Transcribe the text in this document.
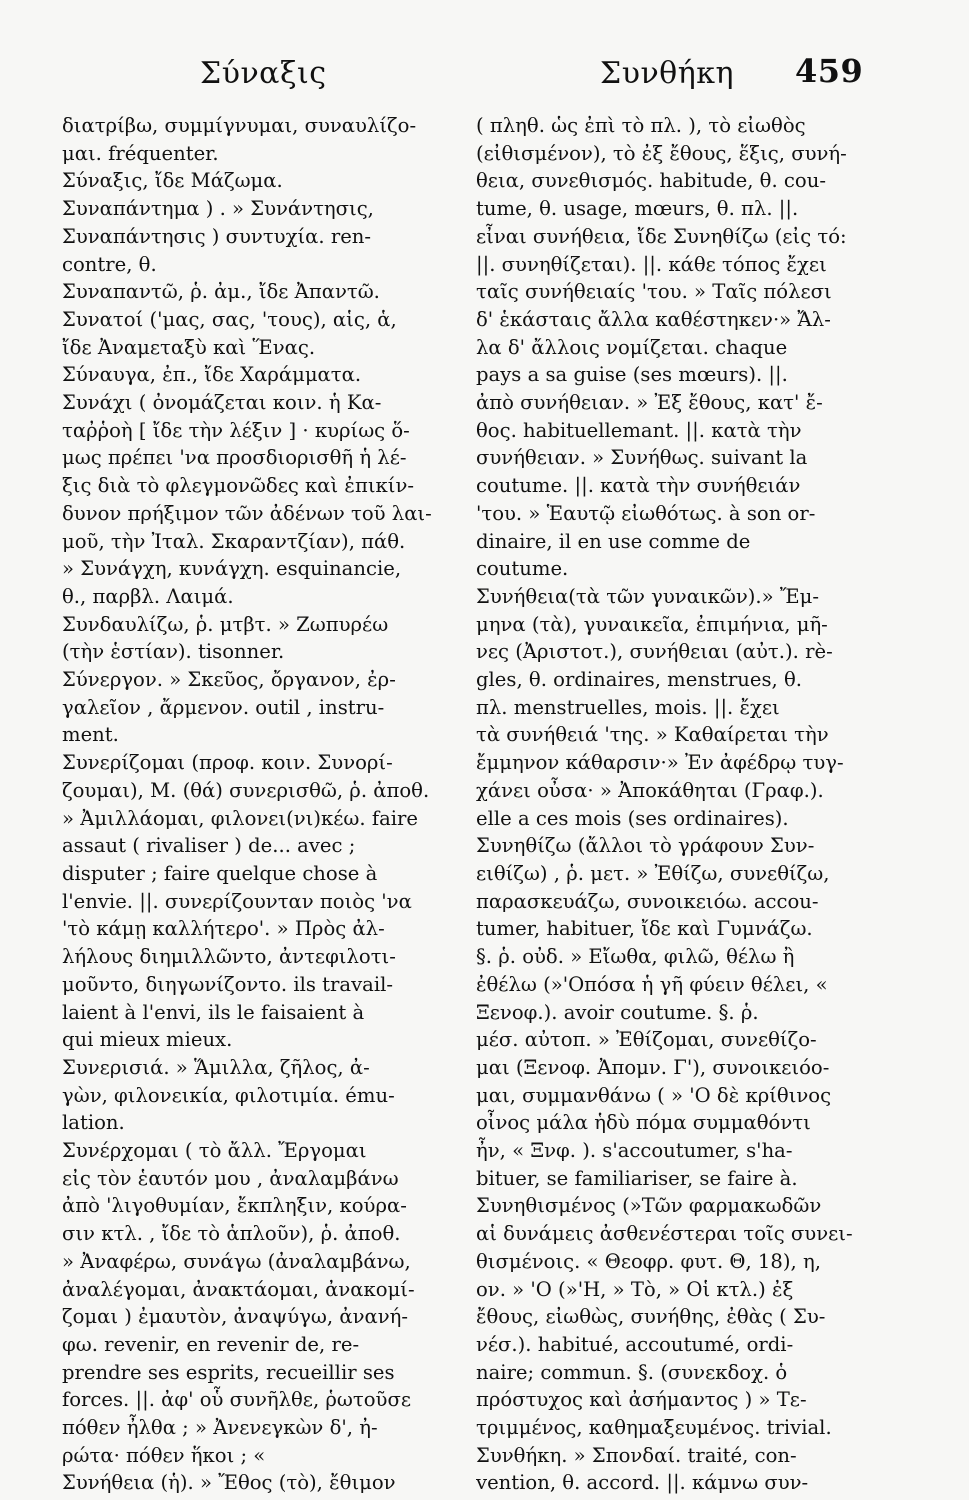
Σύναξις	Συνθήκη 459
διατρίβω, συμμίγνυμαι, συναυλίζο-
μαι. fréquenter.
Σύναξις, ἴδε Μάζωμα.
Συναπάντημα ) . » Συνάντησις,
Συναπάντησις ) συντυχία. ren-
contre, θ.
Συναπαντῶ, ῥ. ἀμ., ἴδε Ἀπαντῶ.
Συνατοί ('μας, σας, 'τους), αἱς, ἁ,
ἴδε Ἀναμεταξὺ καὶ Ἕνας.
Σύναυγα, ἐπ., ἴδε Χαράμματα.
Συνάχι ( ὀνομάζεται κοιν. ἡ Κα-
ταῤῥοὴ [ ἴδε τὴν λέξιν ] · κυρίως ὅ-
μως πρέπει 'να προσδιορισθῆ ἡ λέ-
ξις διὰ τὸ φλεγμονῶδες καὶ ἐπικίν-
δυνον πρήξιμον τῶν ἀδένων τοῦ λαι-
μοῦ, τὴν Ἰταλ. Σκαραντζίαν), πάθ.
» Συνάγχη, κυνάγχη. esquinancie,
θ., παρβλ. Λαιμά.
Συνδαυλίζω, ῥ. μτβτ. » Ζωπυρέω
(τὴν ἑστίαν). tisonner.
Σύνεργον. » Σκεῦος, ὄργανον, ἐρ-
γαλεῖον , ἄρμενον. outil , instru-
ment.
Συνερίζομαι (προφ. κοιν. Συνορί-
ζουμαι), Μ. (θά) συνερισθῶ, ῥ. ἀποθ.
» Ἀμιλλάομαι, φιλονει(νι)κέω. faire
assaut ( rivaliser ) de... avec ;
disputer ; faire quelque chose à
l'envie. ||. συνερίζουνταν ποιὸς 'να
'τὸ κάμῃ καλλήτερο'. » Πρὸς ἀλ-
λήλους διημιλλῶντο, ἀντεφιλοτι-
μοῦντο, διηγωνίζοντο. ils travail-
laient à l'envi, ils le faisaient à
qui mieux mieux.
Συνερισιά. » Ἅμιλλα, ζῆλος, ἀ-
γὼν, φιλονεικία, φιλοτιμία. ému-
lation.
Συνέρχομαι ( τὸ ἄλλ. Ἔργομαι
εἰς τὸν ἑαυτόν μου , ἀναλαμβάνω
ἀπὸ 'λιγοθυμίαν, ἔκπληξιν, κούρα-
σιν κτλ. , ἴδε τὸ ἁπλοῦν), ῥ. ἀποθ.
» Ἀναφέρω, συνάγω (ἀναλαμβάνω,
ἀναλέγομαι, ἀνακτάομαι, ἀνακομί-
ζομαι ) ἐμαυτὸν, ἀναψύγω, ἀνανή-
φω. revenir, en revenir de, re-
prendre ses esprits, recueillir ses
forces. ||. ἀφ' οὗ συνῆλθε, ῥωτοῦσε
πόθεν ἦλθα ; » Ἀνενεγκὼν δ', ἠ-
ρώτα· πόθεν ἥκοι ; «
Συνήθεια (ἡ). » Ἔθος (τὸ), ἔθιμον
( πληθ. ὡς ἐπὶ τὸ πλ. ), τὸ εἰωθὸς
(εἰθισμένον), τὸ ἐξ ἔθους, ἕξις, συνή-
θεια, συνεθισμός. habitude, θ. cou-
tume, θ. usage, mœurs, θ. πλ. ||.
εἶναι συνήθεια, ἴδε Συνηθίζω (εἰς τό:
||. συνηθίζεται). ||. κάθε τόπος ἔχει
ταῖς συνήθειαίς 'του. » Ταῖς πόλεσι
δ' ἑκάσταις ἄλλα καθέστηκεν·» Ἄλ-
λα δ' ἄλλοις νομίζεται. chaque
pays a sa guise (ses mœurs). ||.
ἀπὸ συνήθειαν. » Ἐξ ἔθους, κατ' ἔ-
θος. habituellemant. ||. κατὰ τὴν
συνήθειαν. » Συνήθως. suivant la
coutume. ||. κατὰ τὴν συνήθειάν
'του. » Ἑαυτῷ εἰωθότως. à son or-
dinaire, il en use comme de
coutume.
Συνήθεια(τὰ τῶν γυναικῶν).» Ἔμ-
μηνα (τὰ), γυναικεῖα, ἐπιμήνια, μῆ-
νες (Ἀριστοτ.), συνήθειαι (αὐτ.). rè-
gles, θ. ordinaires, menstrues, θ.
πλ. menstruelles, mois. ||. ἔχει
τὰ συνήθειά 'της. » Καθαίρεται τὴν
ἔμμηνον κάθαρσιν·» Ἐν ἀφέδρῳ τυγ-
χάνει οὖσα· » Ἀποκάθηται (Γραφ.).
elle a ces mois (ses ordinaires).
Συνηθίζω (ἄλλοι τὸ γράφουν Συν-
ειθίζω) , ῥ. μετ. » Ἐθίζω, συνεθίζω,
παρασκευάζω, συνοικειόω. accou-
tumer, habituer, ἴδε καὶ Γυμνάζω.
§. ῥ. οὐδ. » Εἴωθα, φιλῶ, θέλω ἢ
ἐθέλω (»'Οπόσα ἡ γῆ φύειν θέλει, «
Ξενοφ.). avoir coutume. §. ῥ.
μέσ. αὐτοπ. » Ἐθίζομαι, συνεθίζο-
μαι (Ξενοφ. Ἀπομν. Γ'), συνοικειόο-
μαι, συμμανθάνω ( » 'Ο δὲ κρίθινος
οἶνος μάλα ἡδὺ πόμα συμμαθόντι
ἦν, « Ξνφ. ). s'accoutumer, s'ha-
bituer, se familiariser, se faire à.
Συνηθισμένος (»Τῶν φαρμακωδῶν
αἱ δυνάμεις ἀσθενέστεραι τοῖς συνει-
θισμένοις. « Θεοφρ. φυτ. Θ, 18), η,
ον. » 'Ο (»'Η, » Τὸ, » Οἱ κτλ.) ἐξ
ἔθους, εἰωθὼς, συνήθης, ἐθὰς ( Συ-
νέσ.). habitué, accoutumé, ordi-
naire; commun. §. (συνεκδοχ. ὁ
πρόστυχος καὶ ἀσήμαντος ) » Τε-
τριμμένος, καθημαξευμένος. trivial.
Συνθήκη. » Σπονδαί. traité, con-
vention, θ. accord. ||. κάμνω συν-
